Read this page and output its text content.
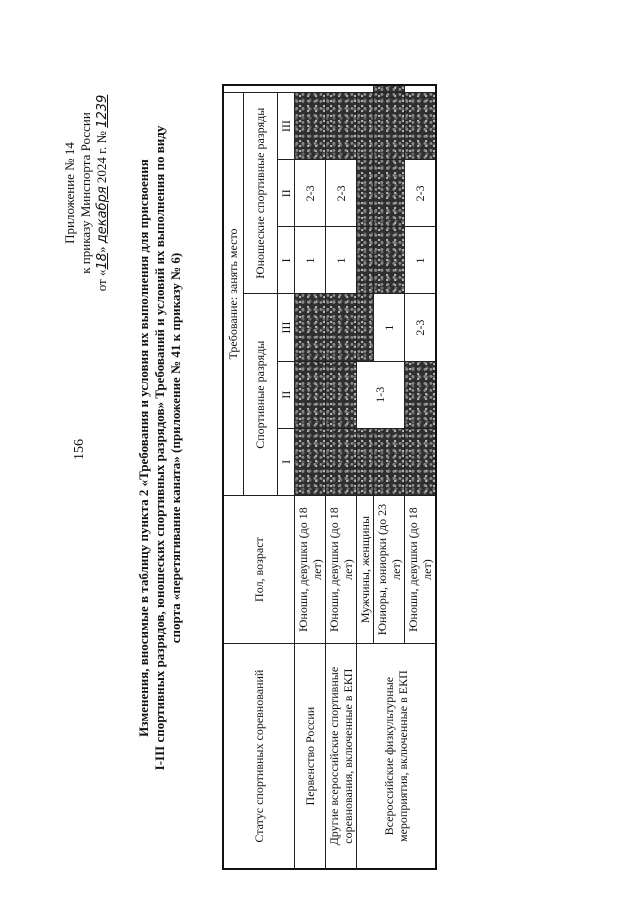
156
Приложение № 14 к приказу Минспорта России
от «18» декабря 2024 г. № 1239
Изменения, вносимые в таблицу пункта 2 «Требования и условия их выполнения для присвоения I-III спортивных разрядов, юношеских спортивных разрядов» Требований и условий их выполнения по виду спорта «перетягивание каната» (приложение № 41 к приказу № 6)
Статус спортивных соревнований	Пол, возраст	Требование: занять место						
		Спортивные разряды			Юношеские спортивные разряды			
		I	II	III	I	II	III	
Первенство России	Юноши, девушки (до 18 лет)				1	2-3		
Другие всероссийские спортивные соревнования, включенные в ЕКП	Юноши, девушки (до 18 лет)				1	2-3		
Всероссийские физкультурные мероприятия, включенные в ЕКП	Мужчины, женщины		1-3					
	Юниоры, юниорки (до 23 лет)			1				
	Юноши, девушки (до 18 лет)			2-3	1	2-3		
